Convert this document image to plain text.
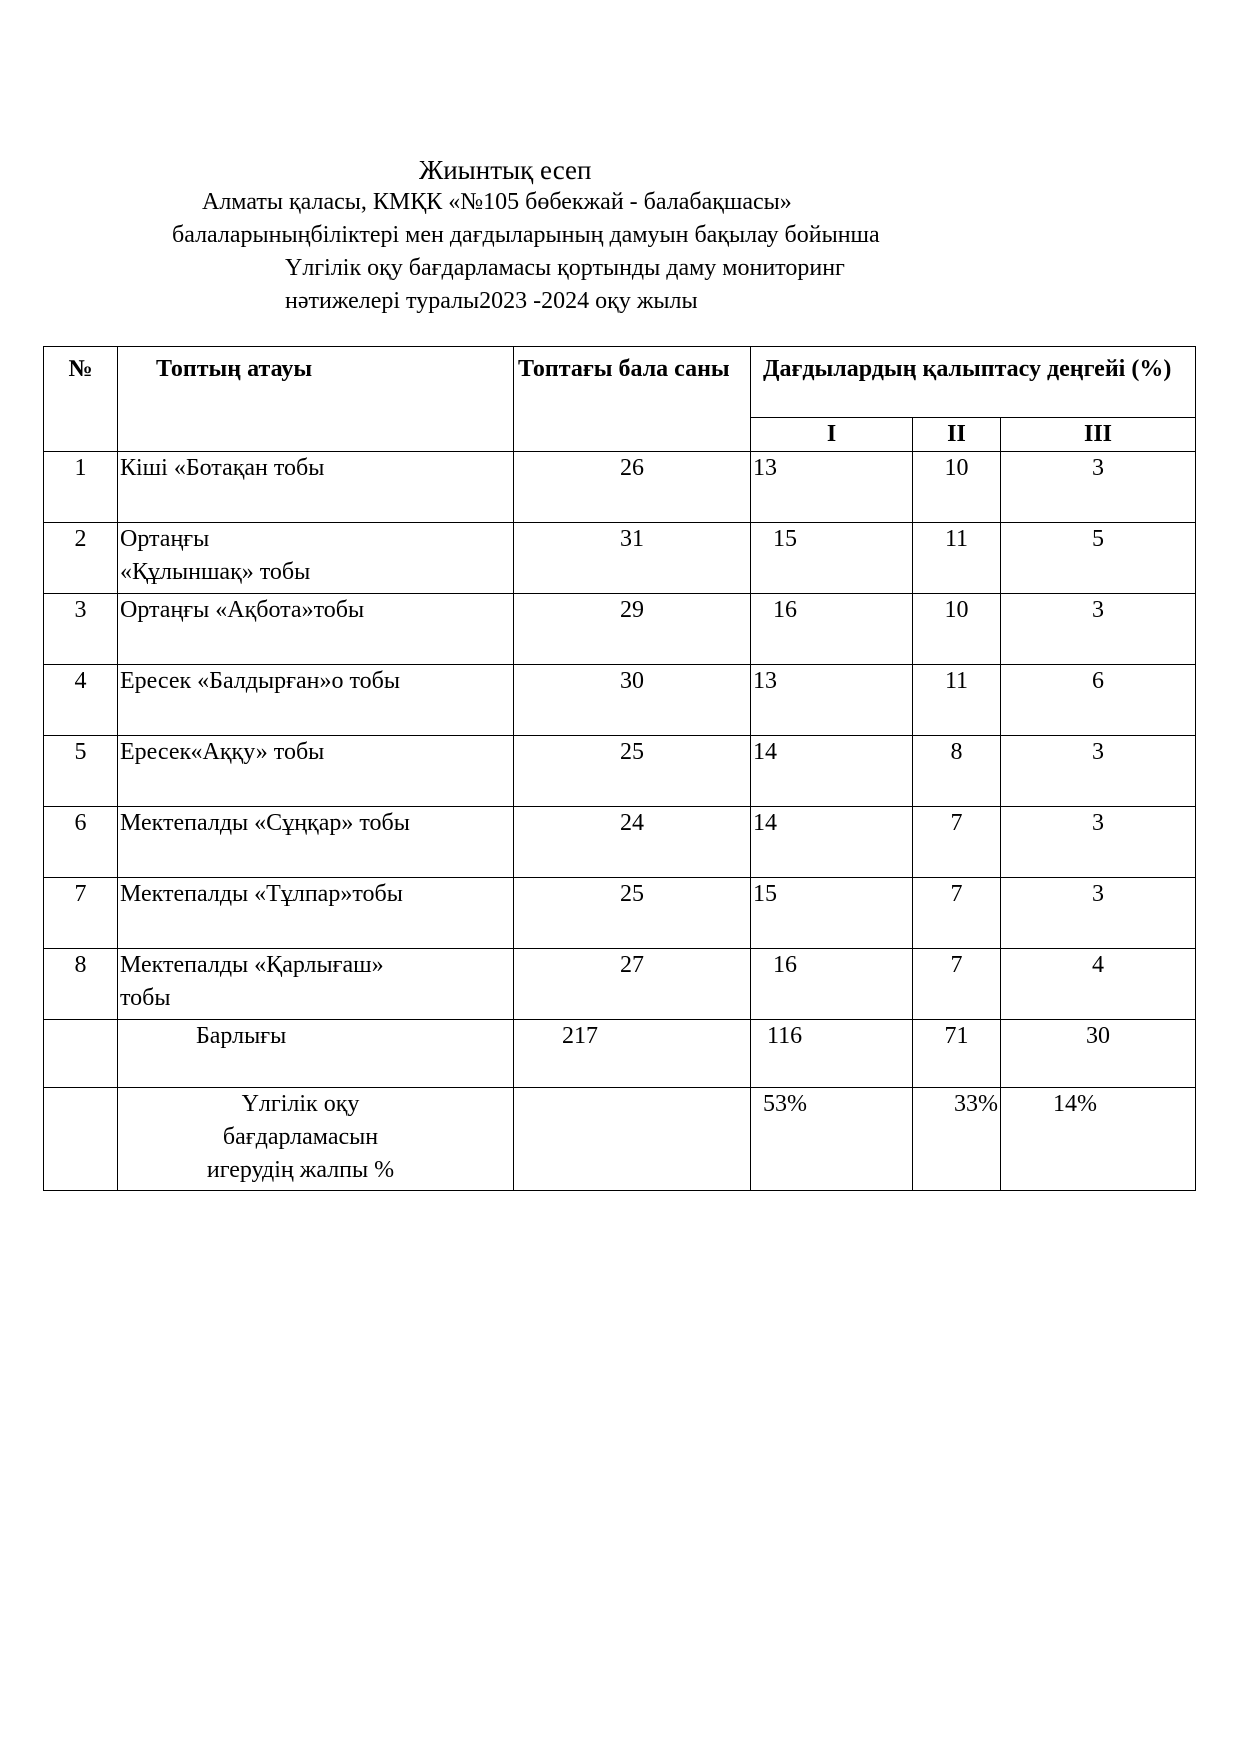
Жиынтық есеп
Алматы қаласы, КМҚК «№105 бөбекжай - балабақшасы»
балаларыныңбіліктері мен дағдыларының дамуын бақылау бойынша
Үлгілік оқу бағдарламасы қортынды даму мониторинг
нәтижелері туралы2023 -2024 оқу жылы
№	Топтың атауы	Топтағы бала саны	Дағдылардың қалыптасу деңгейі (%)		
			I	II	III
1	Кіші «Ботақан тобы	26	13	10	3
2	Ортаңғы
«Құлыншақ» тобы	31	15	11	5
3	Ортаңғы «Ақбота»тобы	29	16	10	3
4	Ересек «Балдырған»о тобы	30	13	11	6
5	Ересек«Аққу» тобы	25	14	8	3
6	Мектепалды «Сұңқар» тобы	24	14	7	3
7	Мектепалды «Тұлпар»тобы	25	15	7	3
8	Мектепалды «Қарлығаш»
тобы	27	16	7	4
	Барлығы	217	116	71	30
	Үлгілік оқу
бағдарламасын
игерудің жалпы %		53%	33%	14%
